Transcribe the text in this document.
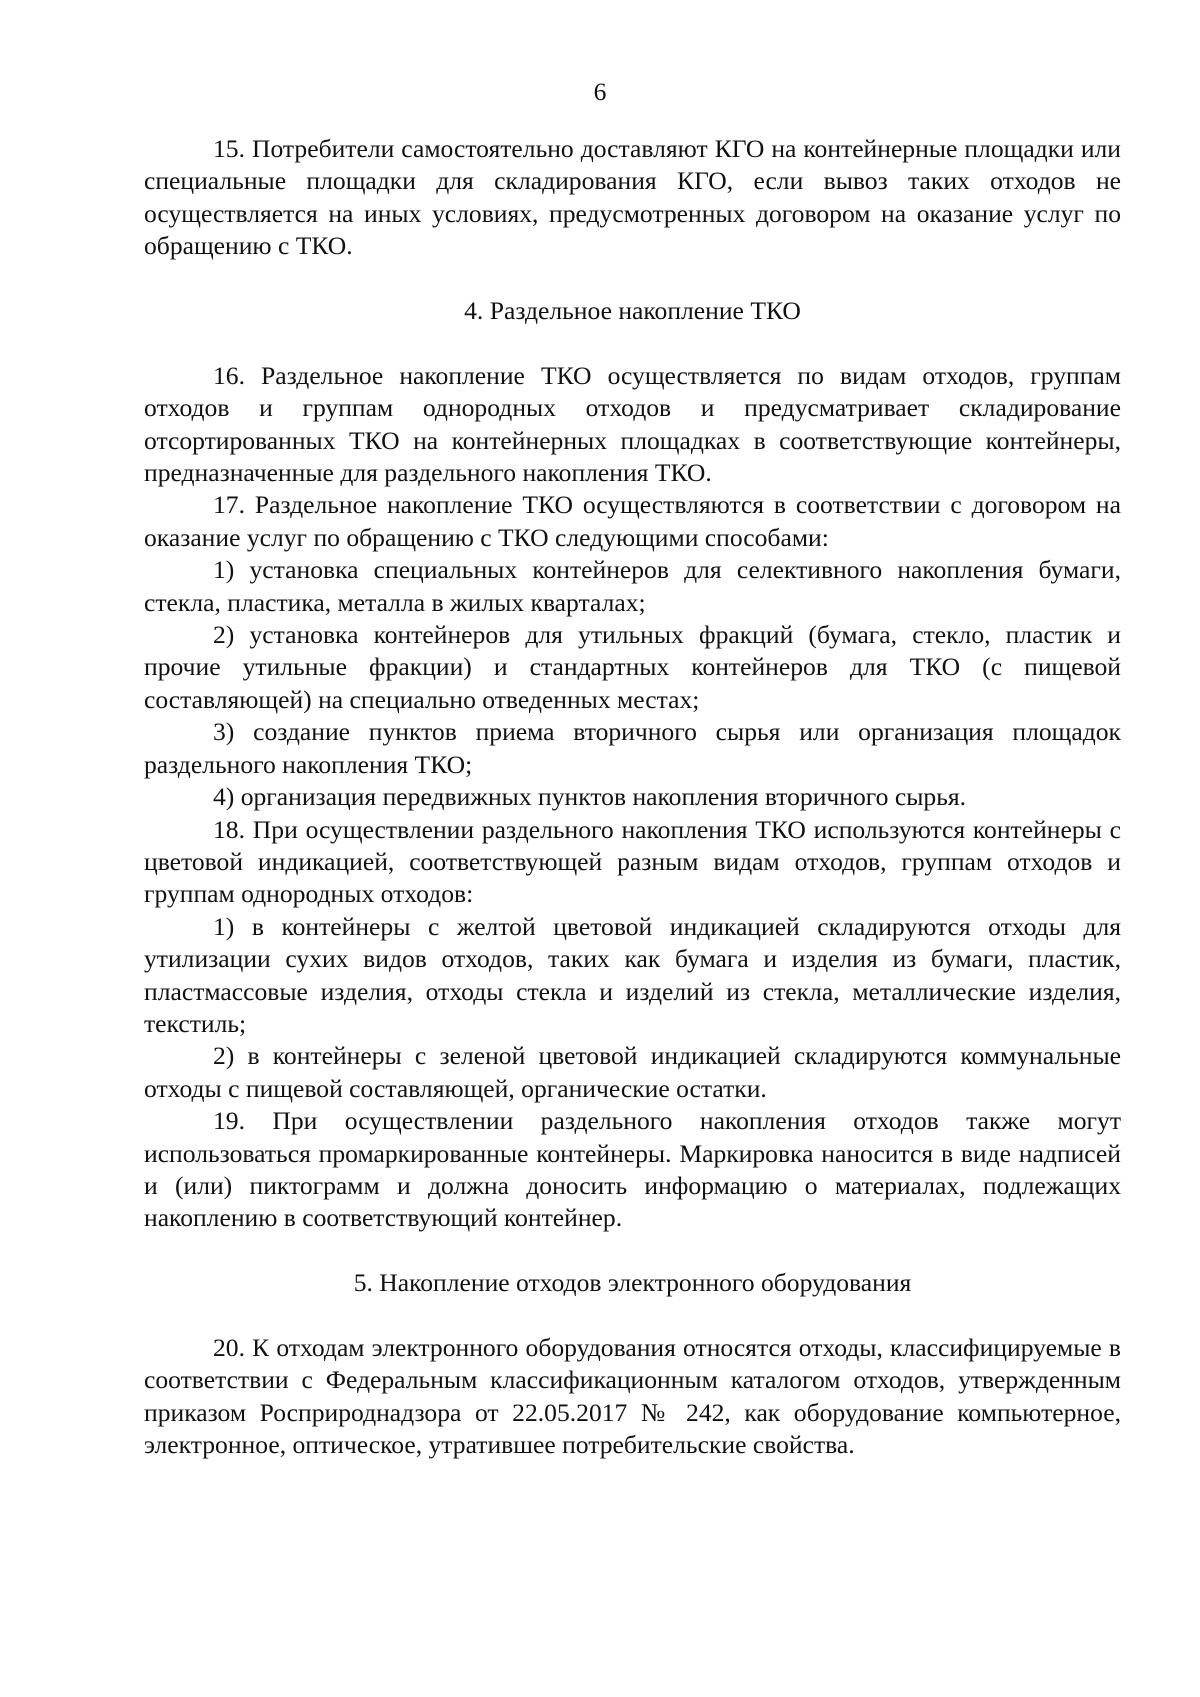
6

15. Потребители самостоятельно доставляют КГО на контейнерные площадки или специальные площадки для складирования КГО, если вывоз таких отходов не осуществляется на иных условиях, предусмотренных договором на оказание услуг по обращению с ТКО.

4. Раздельное накопление ТКО

16. Раздельное накопление ТКО осуществляется по видам отходов, группам отходов и группам однородных отходов и предусматривает складирование отсортированных ТКО на контейнерных площадках в соответствующие контейнеры, предназначенные для раздельного накопления ТКО.

17. Раздельное накопление ТКО осуществляются в соответствии с договором на оказание услуг по обращению с ТКО следующими способами:

1) установка специальных контейнеров для селективного накопления бумаги, стекла, пластика, металла в жилых кварталах;

2) установка контейнеров для утильных фракций (бумага, стекло, пластик и прочие утильные фракции) и стандартных контейнеров для ТКО (с пищевой составляющей) на специально отведенных местах;

3) создание пунктов приема вторичного сырья или организация площадок раздельного накопления ТКО;

4) организация передвижных пунктов накопления вторичного сырья.

18. При осуществлении раздельного накопления ТКО используются контейнеры с цветовой индикацией, соответствующей разным видам отходов, группам отходов и группам однородных отходов:

1) в контейнеры с желтой цветовой индикацией складируются отходы для утилизации сухих видов отходов, таких как бумага и изделия из бумаги, пластик, пластмассовые изделия, отходы стекла и изделий из стекла, металлические изделия, текстиль;

2) в контейнеры с зеленой цветовой индикацией складируются коммунальные отходы с пищевой составляющей, органические остатки.

19. При осуществлении раздельного накопления отходов также могут использоваться промаркированные контейнеры. Маркировка наносится в виде надписей и (или) пиктограмм и должна доносить информацию о материалах, подлежащих накоплению в соответствующий контейнер.

5. Накопление отходов электронного оборудования

20. К отходам электронного оборудования относятся отходы, классифицируемые в соответствии с Федеральным классификационным каталогом отходов, утвержденным приказом Росприроднадзора от 22.05.2017 № 242, как оборудование компьютерное, электронное, оптическое, утратившее потребительские свойства.
